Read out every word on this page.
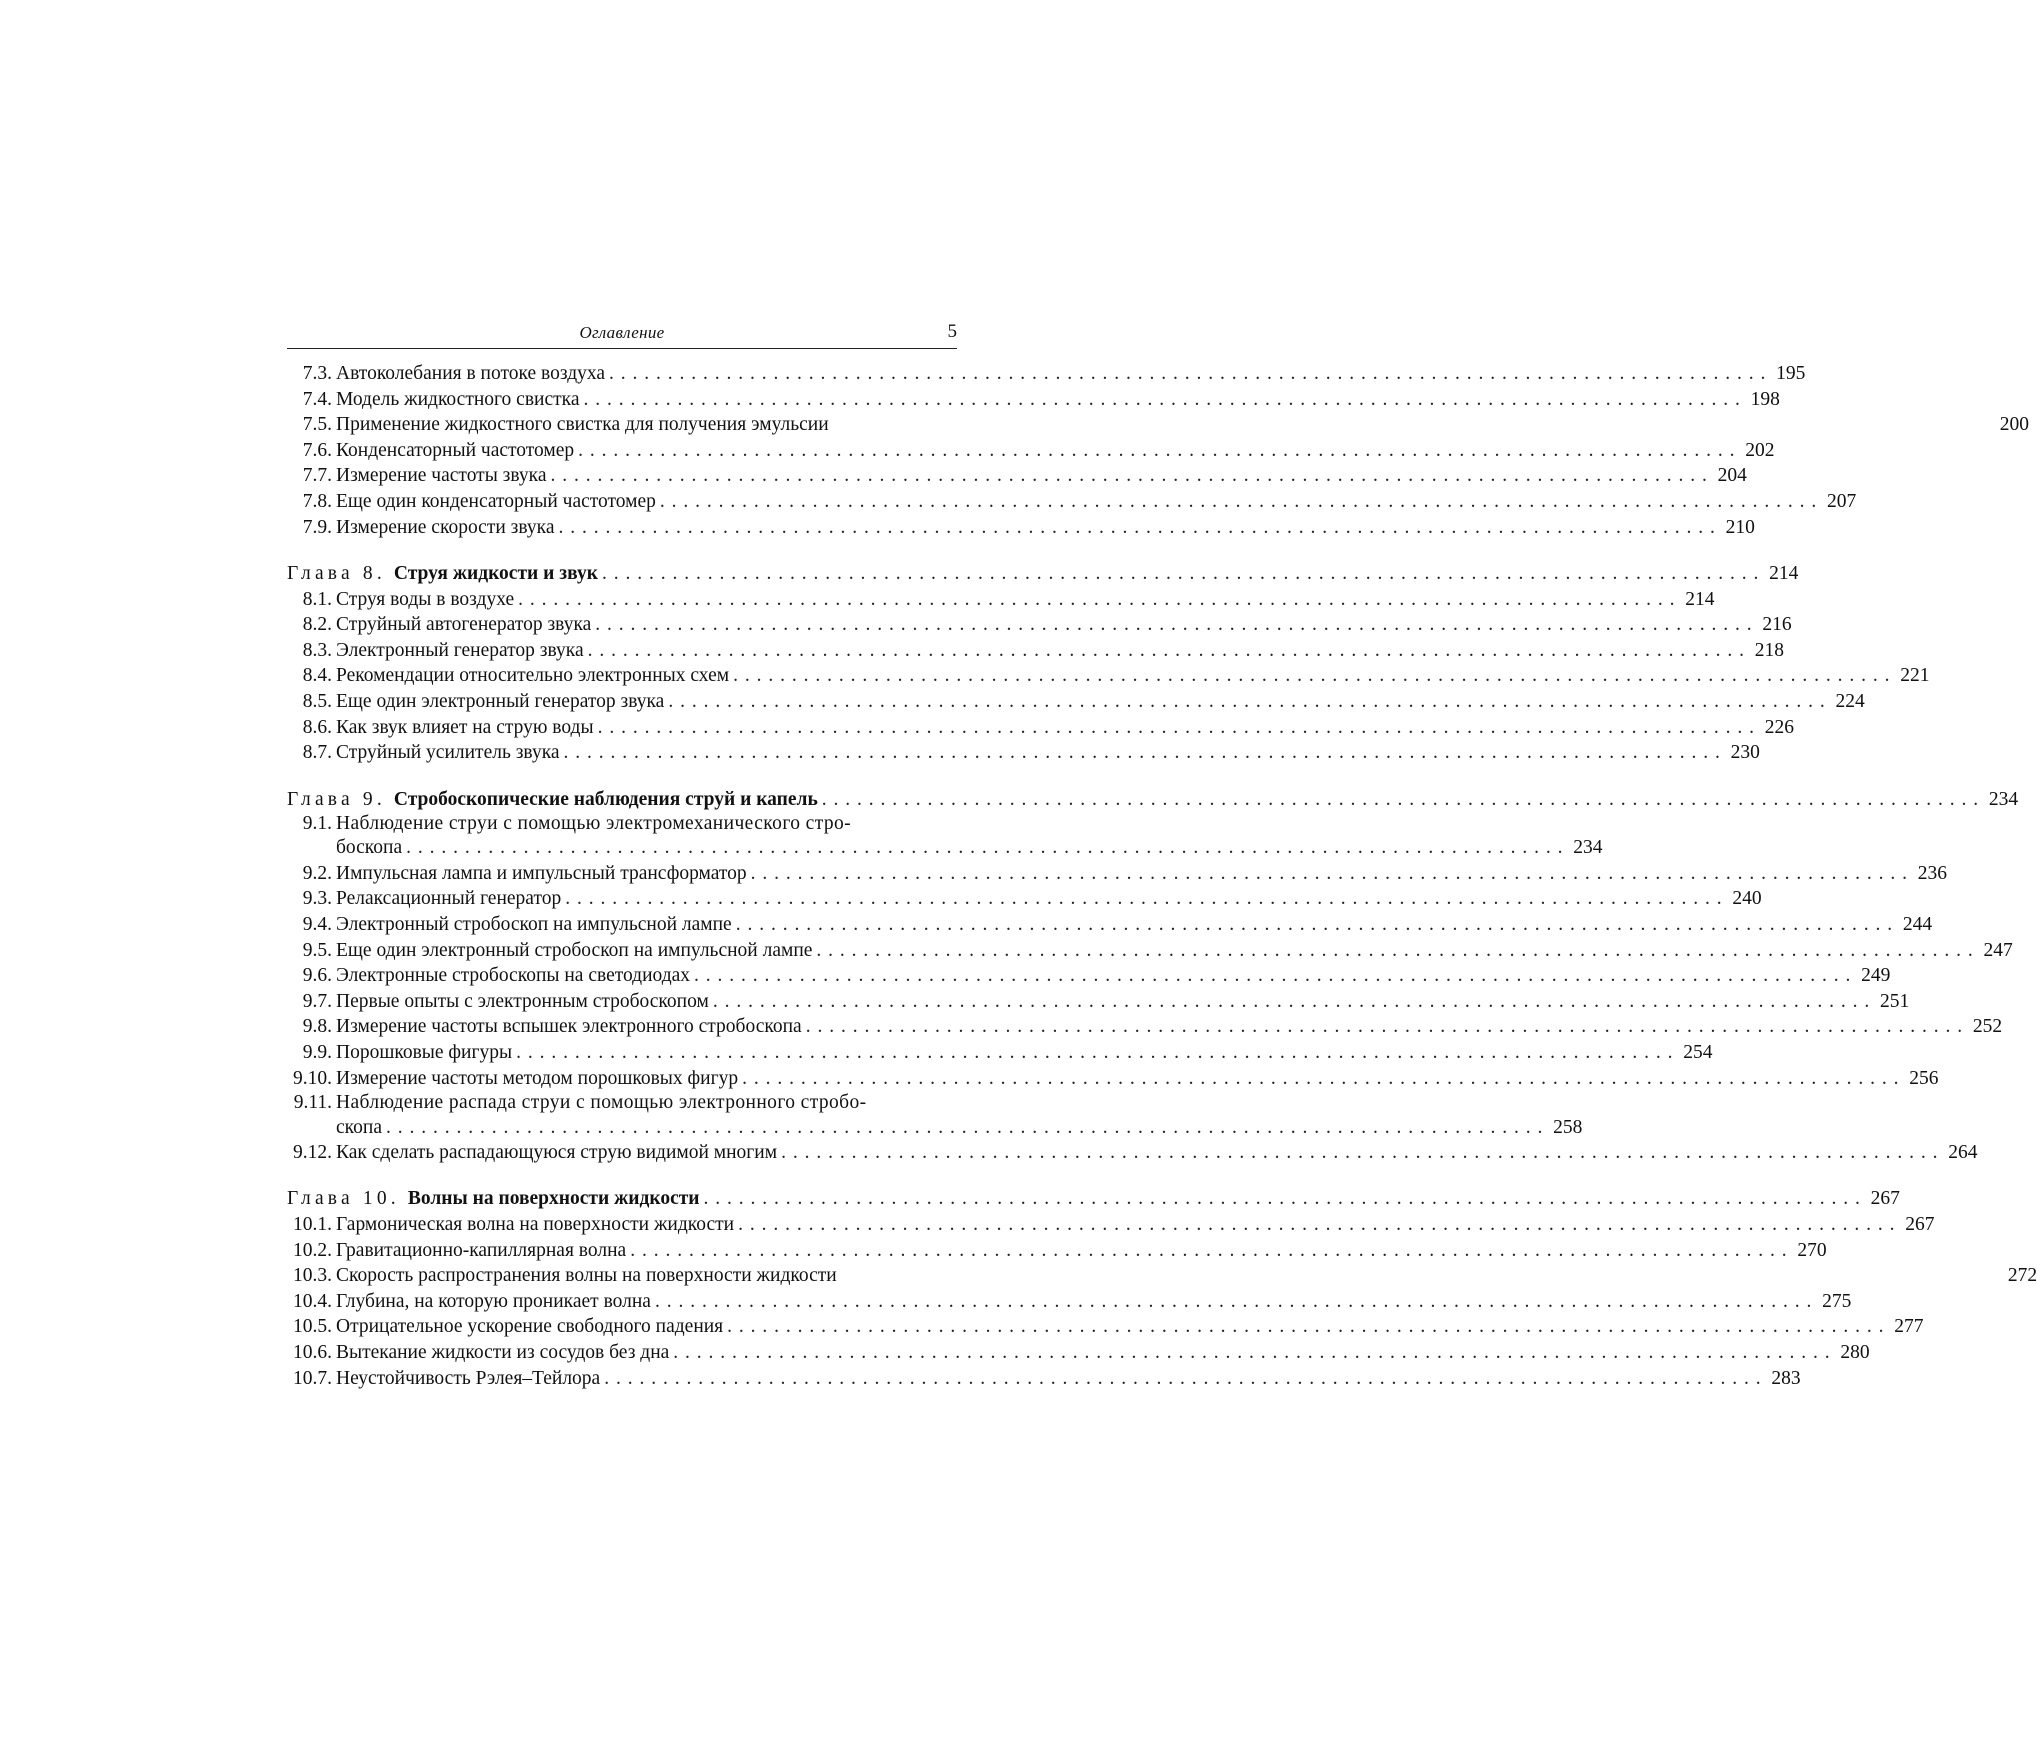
Оглавление	5
7.3. Автоколебания в потоке воздуха . . .	195
7.4. Модель жидкостного свистка . . .	198
7.5. Применение жидкостного свистка для получения эмульсии	200
7.6. Конденсаторный частотомер . . .	202
7.7. Измерение частоты звука . . .	204
7.8. Еще один конденсаторный частотомер . . .	207
7.9. Измерение скорости звука . . .	210
Глава 8. Струя жидкости и звук . . .	214
8.1. Струя воды в воздухе . . .	214
8.2. Струйный автогенератор звука . . .	216
8.3. Электронный генератор звука . . .	218
8.4. Рекомендации относительно электронных схем . . .	221
8.5. Еще один электронный генератор звука . . .	224
8.6. Как звук влияет на струю воды . . .	226
8.7. Струйный усилитель звука . . .	230
Глава 9. Стробоскопические наблюдения струй и капель . . .	234
9.1. Наблюдение струи с помощью электромеханического стро-
боскопа . . .	234
9.2. Импульсная лампа и импульсный трансформатор . . .	236
9.3. Релаксационный генератор . . .	240
9.4. Электронный стробоскоп на импульсной лампе . . .	244
9.5. Еще один электронный стробоскоп на импульсной лампе . . .	247
9.6. Электронные стробоскопы на светодиодах . . .	249
9.7. Первые опыты с электронным стробоскопом . . .	251
9.8. Измерение частоты вспышек электронного стробоскопа . . .	252
9.9. Порошковые фигуры . . .	254
9.10. Измерение частоты методом порошковых фигур . . .	256
9.11. Наблюдение распада струи с помощью электронного стробо-
скопа . . .	258
9.12. Как сделать распадающуюся струю видимой многим . . .	264
Глава 10. Волны на поверхности жидкости . . .	267
10.1. Гармоническая волна на поверхности жидкости . . .	267
10.2. Гравитационно-капиллярная волна . . .	270
10.3. Скорость распространения волны на поверхности жидкости	272
10.4. Глубина, на которую проникает волна . . .	275
10.5. Отрицательное ускорение свободного падения . . .	277
10.6. Вытекание жидкости из сосудов без дна . . .	280
10.7. Неустойчивость Рэлея–Тейлора . . .	283
